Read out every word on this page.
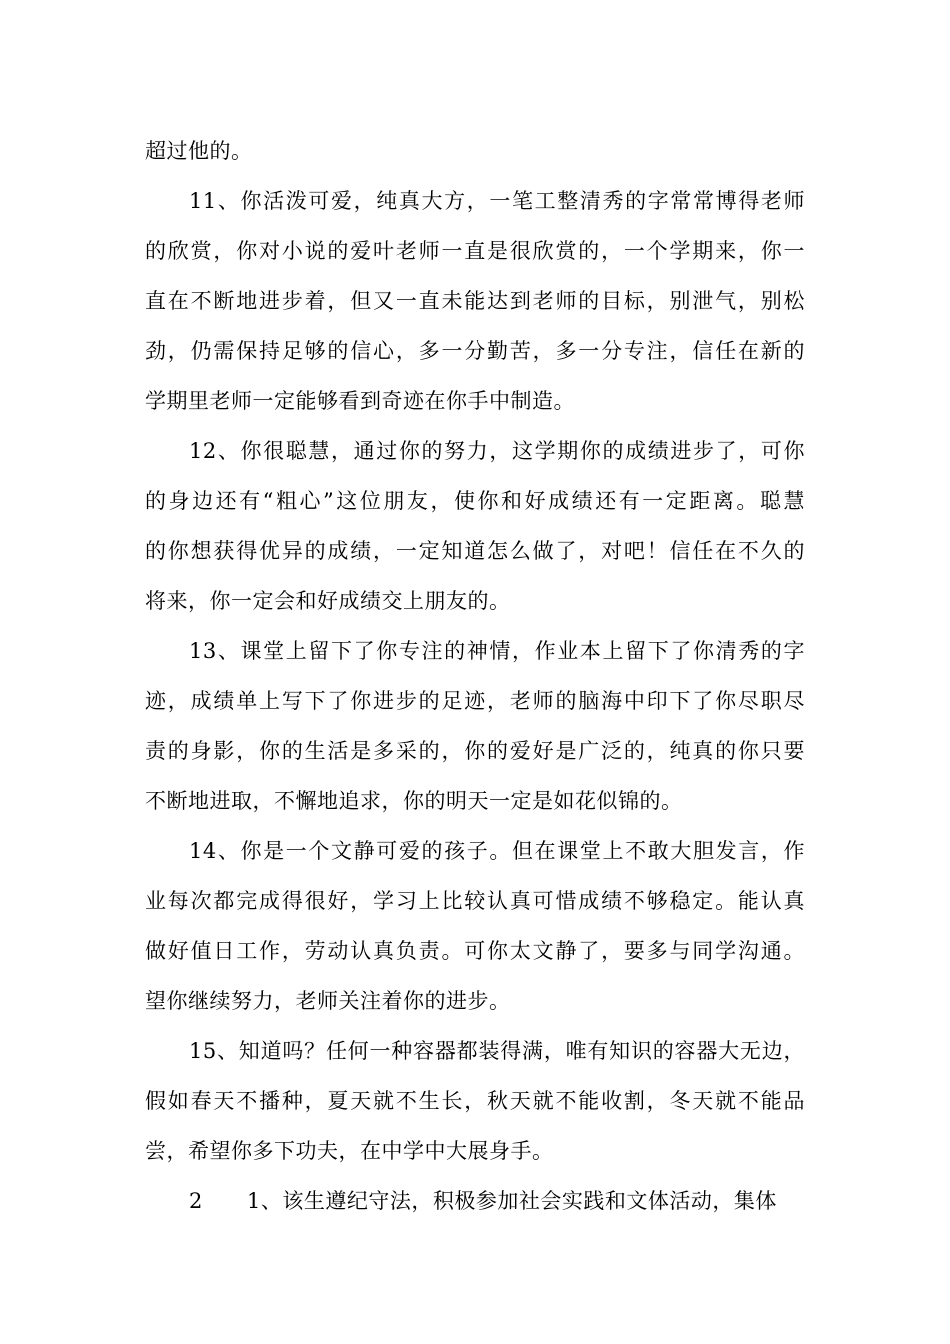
超过他的。
11、你活泼可爱，纯真大方，一笔工整清秀的字常常博得老师
的欣赏，你对小说的爱叶老师一直是很欣赏的，一个学期来，你一
直在不断地进步着，但又一直未能达到老师的目标，别泄气，别松
劲，仍需保持足够的信心，多一分勤苦，多一分专注，信任在新的
学期里老师一定能够看到奇迹在你手中制造。
12、你很聪慧，通过你的努力，这学期你的成绩进步了，可你
的身边还有“粗心”这位朋友，使你和好成绩还有一定距离。聪慧
的你想获得优异的成绩，一定知道怎么做了，对吧！信任在不久的
将来，你一定会和好成绩交上朋友的。
13、课堂上留下了你专注的神情，作业本上留下了你清秀的字
迹，成绩单上写下了你进步的足迹，老师的脑海中印下了你尽职尽
责的身影，你的生活是多采的，你的爱好是广泛的，纯真的你只要
不断地进取，不懈地追求，你的明天一定是如花似锦的。
14、你是一个文静可爱的孩子。但在课堂上不敢大胆发言，作
业每次都完成得很好，学习上比较认真可惜成绩不够稳定。能认真
做好值日工作，劳动认真负责。可你太文静了，要多与同学沟通。
望你继续努力，老师关注着你的进步。
15、知道吗？任何一种容器都装得满，唯有知识的容器大无边，
假如春天不播种，夏天就不生长，秋天就不能收割，冬天就不能品
尝，希望你多下功夫，在中学中大展身手。
2 1、该生遵纪守法，积极参加社会实践和文体活动，集体
